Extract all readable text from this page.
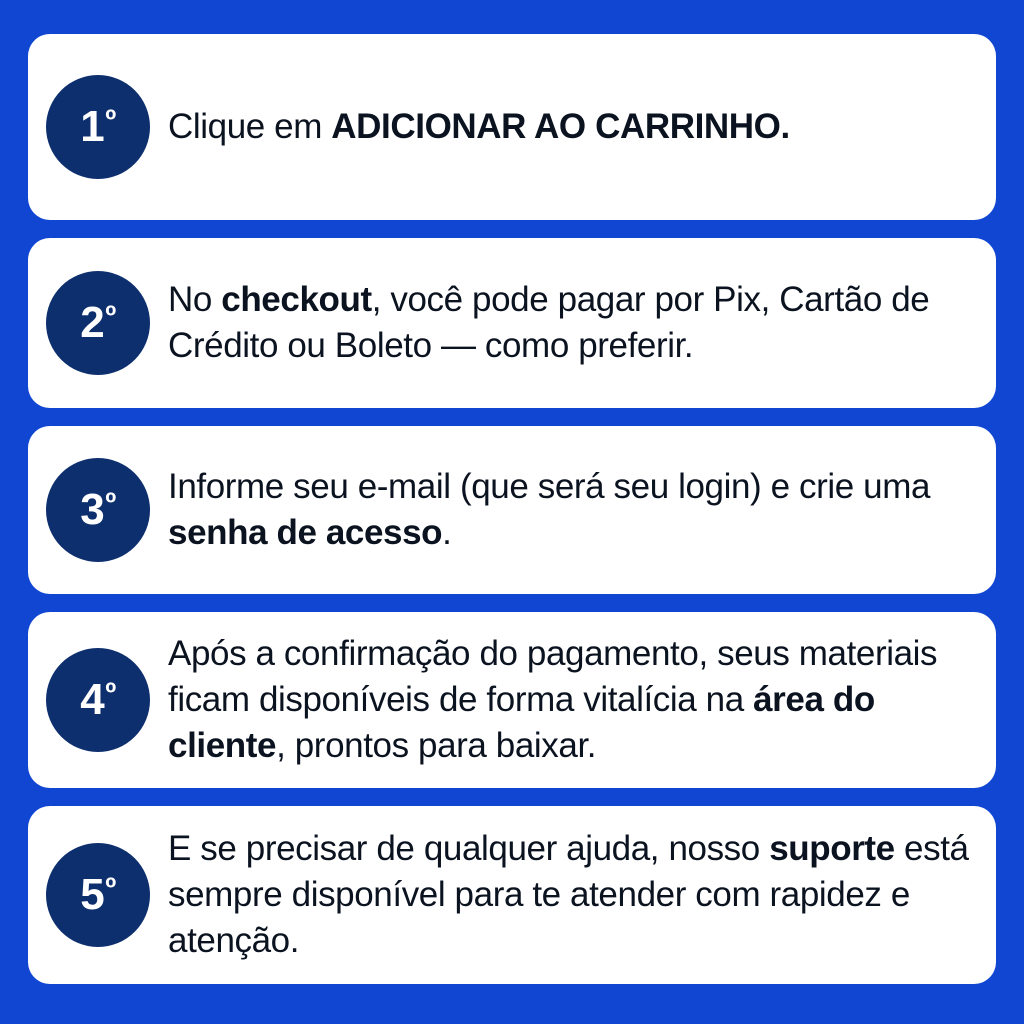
1 º Clique em ADICIONAR AO CARRINHO.
2 º No checkout, você pode pagar por Pix, Cartão de Crédito ou Boleto — como preferir.
3 º Informe seu e-mail (que será seu login) e crie uma senha de acesso.
4 º
Após a confirmação do pagamento, seus materiais ficam disponíveis de forma vitalícia na área do cliente, prontos para baixar.
5 º
E se precisar de qualquer ajuda, nosso suporte está sempre disponível para te atender com rapidez e atenção.
